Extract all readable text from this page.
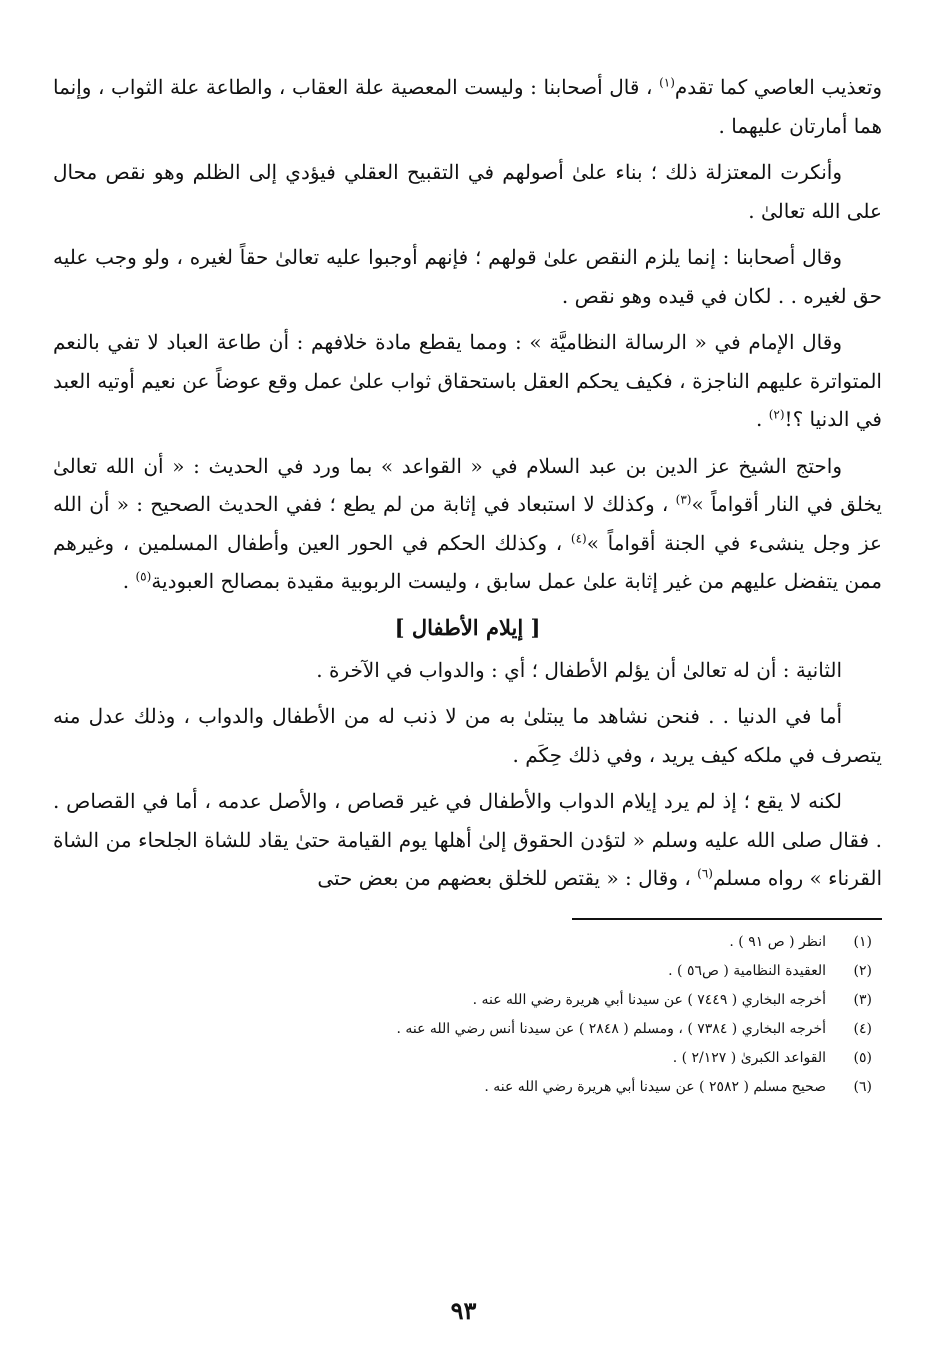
وتعذيب العاصي كما تقدم$^{(١)}$ ، قال أصحابنا : وليست المعصية علة العقاب ، والطاعة علة الثواب ، وإنما هما أمارتان عليهما .

وأنكرت المعتزلة ذلك ؛ بناء علىٰ أصولهم في التقبيح العقلي فيؤدي إلى الظلم وهو نقص محال على الله تعالىٰ .

وقال أصحابنا : إنما يلزم النقص علىٰ قولهم ؛ فإنهم أوجبوا عليه تعالىٰ حقاً لغيره ، ولو وجب عليه حق لغيره . . لكان في قيده وهو نقص .

وقال الإمام في « الرسالة النظاميَّة » : ومما يقطع مادة خلافهم : أن طاعة العباد لا تفي بالنعم المتواترة عليهم الناجزة ، فكيف يحكم العقل باستحقاق ثواب علىٰ عمل وقع عوضاً عن نعيم أوتيه العبد في الدنيا ؟!$^{(٢)}$ .

واحتج الشيخ عز الدين بن عبد السلام في « القواعد » بما ورد في الحديث : « أن الله تعالىٰ يخلق في النار أقواماً »$^{(٣)}$ ، وكذلك لا استبعاد في إثابة من لم يطع ؛ ففي الحديث الصحيح : « أن الله عز وجل ينشىء في الجنة أقواماً »$^{(٤)}$ ، وكذلك الحكم في الحور العين وأطفال المسلمين ، وغيرهم ممن يتفضل عليهم من غير إثابة علىٰ عمل سابق ، وليست الربوبية مقيدة بمصالح العبودية$^{(٥)}$ .

[ إيلام الأطفال ]

الثانية : أن له تعالىٰ أن يؤلم الأطفال ؛ أي : والدواب في الآخرة .

أما في الدنيا . . فنحن نشاهد ما يبتلىٰ به من لا ذنب له من الأطفال والدواب ، وذلك عدل منه يتصرف في ملكه كيف يريد ، وفي ذلك حِكَم .

لكنه لا يقع ؛ إذ لم يرد إيلام الدواب والأطفال في غير قصاص ، والأصل عدمه ، أما في القصاص . . فقال صلى الله عليه وسلم « لتؤدن الحقوق إلىٰ أهلها يوم القيامة حتىٰ يقاد للشاة الجلحاء من الشاة القرناء » رواه مسلم$^{(٦)}$ ، وقال : « يقتص للخلق بعضهم من بعض حتى

(١)
انظر ( ص ٩١ ) .
(٢)
العقيدة النظامية ( ص٥٦ ) .
(٣)
أخرجه البخاري ( ٧٤٤٩ ) عن سيدنا أبي هريرة رضي الله عنه .
(٤)
أخرجه البخاري ( ٧٣٨٤ ) ، ومسلم ( ٢٨٤٨ ) عن سيدنا أنس رضي الله عنه .
(٥)
القواعد الكبرىٰ ( ٢/١٢٧ ) .
(٦)
صحيح مسلم ( ٢٥٨٢ ) عن سيدنا أبي هريرة رضي الله عنه .
٩٣
